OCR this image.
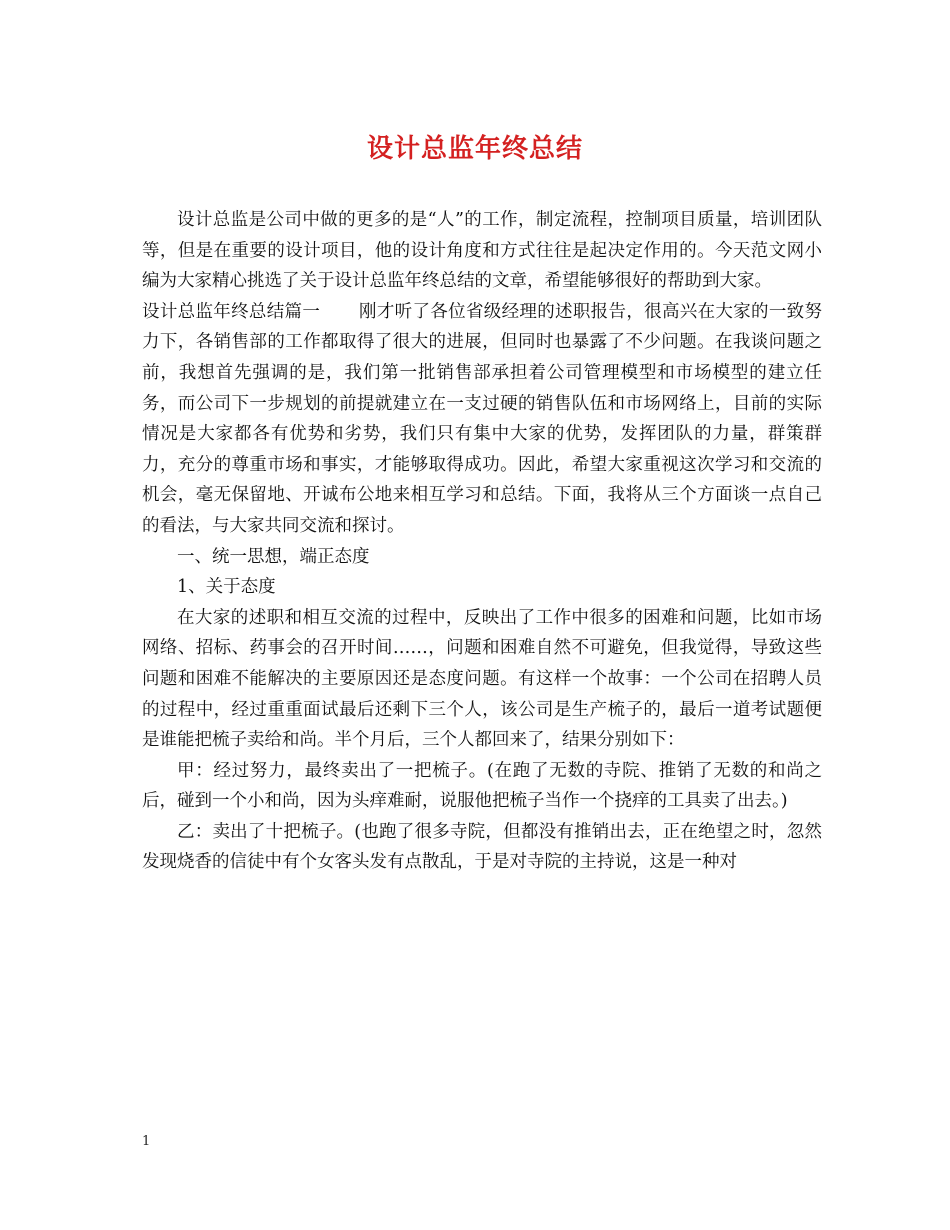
设计总监年终总结

设计总监是公司中做的更多的是“人”的工作，制定流程，控制项目质量，培训团队等，但是在重要的设计项目，他的设计角度和方式往往是起决定作用的。今天范文网小编为大家精心挑选了关于设计总监年终总结的文章，希望能够很好的帮助到大家。

设计总监年终总结篇一 刚才听了各位省级经理的述职报告，很高兴在大家的一致努力下，各销售部的工作都取得了很大的进展，但同时也暴露了不少问题。在我谈问题之前，我想首先强调的是，我们第一批销售部承担着公司管理模型和市场模型的建立任务，而公司下一步规划的前提就建立在一支过硬的销售队伍和市场网络上，目前的实际情况是大家都各有优势和劣势，我们只有集中大家的优势，发挥团队的力量，群策群力，充分的尊重市场和事实，才能够取得成功。因此，希望大家重视这次学习和交流的机会，毫无保留地、开诚布公地来相互学习和总结。下面，我将从三个方面谈一点自己的看法，与大家共同交流和探讨。

一、统一思想，端正态度

1、关于态度

在大家的述职和相互交流的过程中，反映出了工作中很多的困难和问题，比如市场网络、招标、药事会的召开时间……，问题和困难自然不可避免，但我觉得，导致这些问题和困难不能解决的主要原因还是态度问题。有这样一个故事：一个公司在招聘人员的过程中，经过重重面试最后还剩下三个人，该公司是生产梳子的，最后一道考试题便是谁能把梳子卖给和尚。半个月后，三个人都回来了，结果分别如下：

甲：经过努力，最终卖出了一把梳子。(在跑了无数的寺院、推销了无数的和尚之后，碰到一个小和尚，因为头痒难耐，说服他把梳子当作一个挠痒的工具卖了出去。)

乙：卖出了十把梳子。(也跑了很多寺院，但都没有推销出去，正在绝望之时，忽然发现烧香的信徒中有个女客头发有点散乱，于是对寺院的主持说，这是一种对

1
